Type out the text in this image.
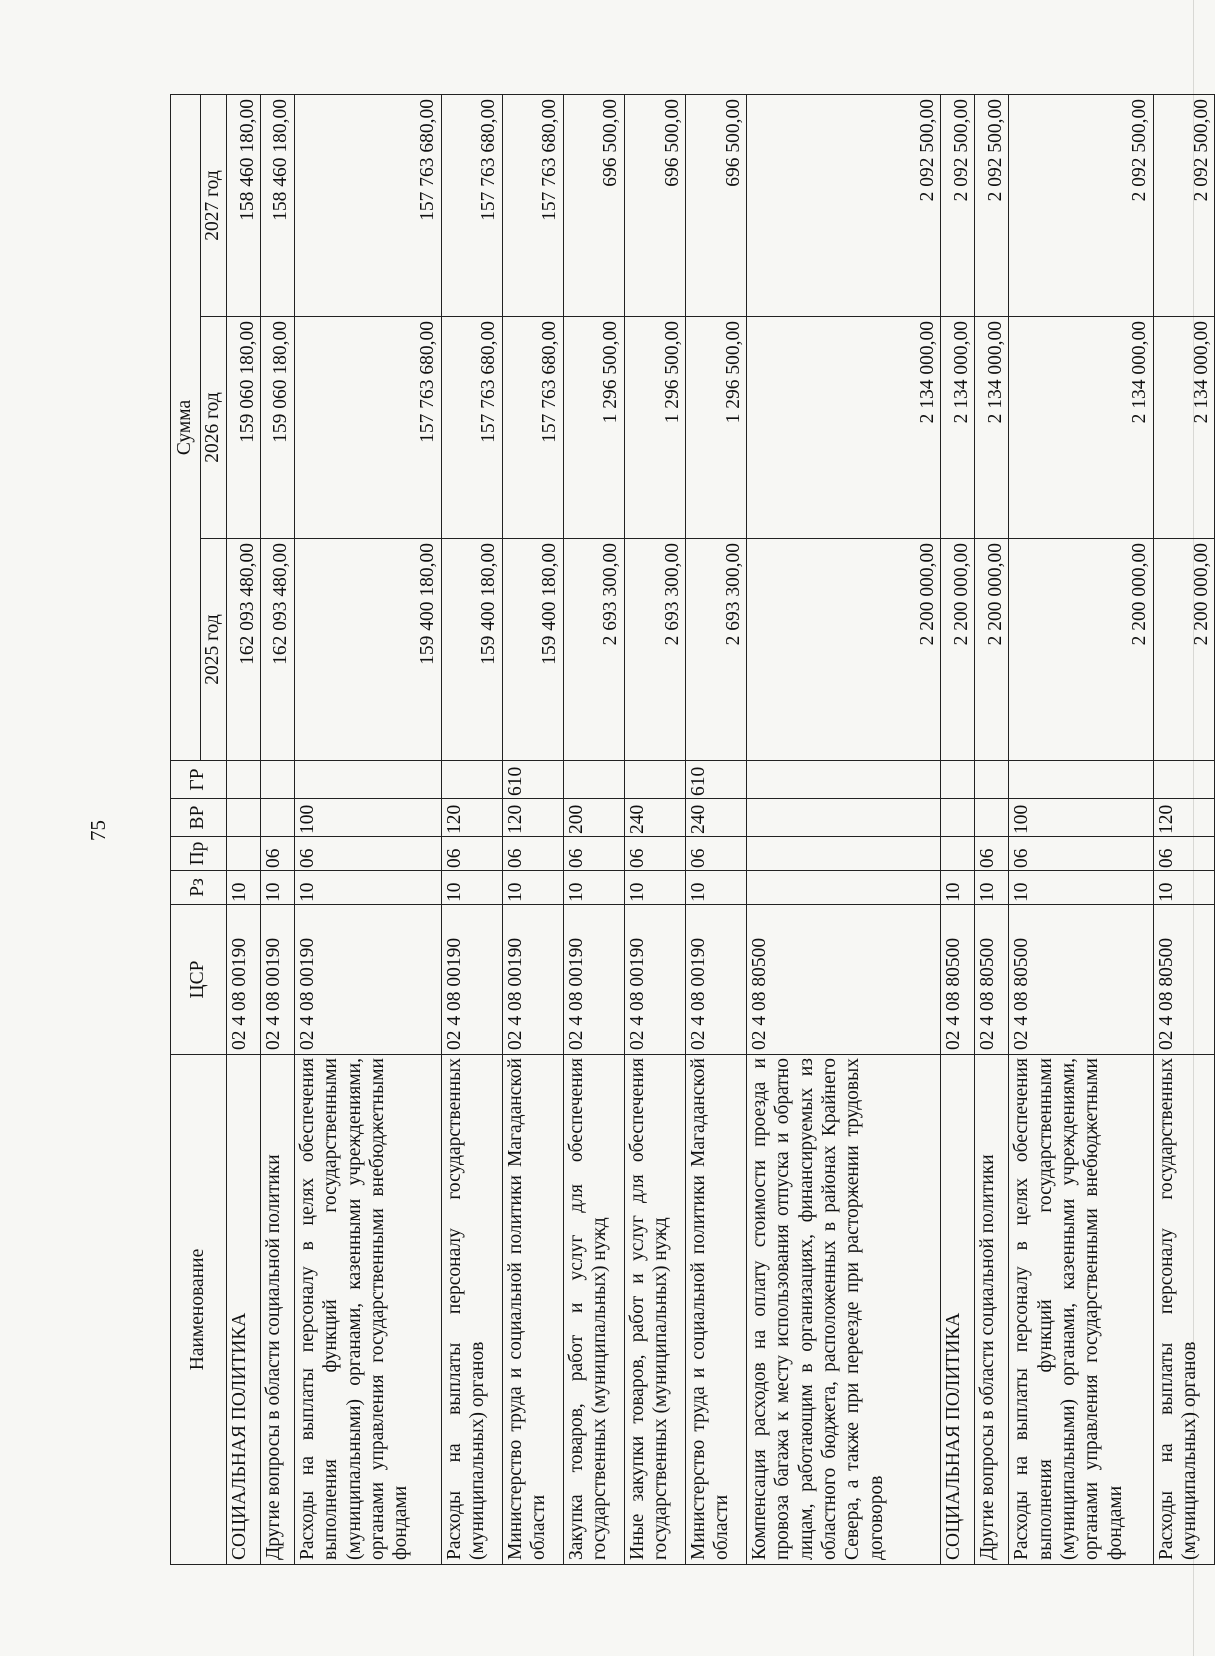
75
Наименование	ЦСР	Рз	Пр	ВР	ГР	Сумма		
						2025 год	2026 год	2027 год
СОЦИАЛЬНАЯ ПОЛИТИКА	02 4 08 00190	10				162 093 480,00	159 060 180,00	158 460 180,00
Другие вопросы в области социальной политики	02 4 08 00190	10	06			162 093 480,00	159 060 180,00	158 460 180,00
Расходы на выплаты персоналу в целях обеспечения выполнения функций государственными (муниципальными) органами, казенными учреждениями, органами управления государственными внебюджетными фондами	02 4 08 00190	10	06	100		159 400 180,00	157 763 680,00	157 763 680,00
Расходы на выплаты персоналу государственных (муниципальных) органов	02 4 08 00190	10	06	120		159 400 180,00	157 763 680,00	157 763 680,00
Министерство труда и социальной политики Магаданской области	02 4 08 00190	10	06	120	610	159 400 180,00	157 763 680,00	157 763 680,00
Закупка товаров, работ и услуг для обеспечения государственных (муниципальных) нужд	02 4 08 00190	10	06	200		2 693 300,00	1 296 500,00	696 500,00
Иные закупки товаров, работ и услуг для обеспечения государственных (муниципальных) нужд	02 4 08 00190	10	06	240		2 693 300,00	1 296 500,00	696 500,00
Министерство труда и социальной политики Магаданской области	02 4 08 00190	10	06	240	610	2 693 300,00	1 296 500,00	696 500,00
Компенсация расходов на оплату стоимости проезда и провоза багажа к месту использования отпуска и обратно лицам, работающим в организациях, финансируемых из областного бюджета, расположенных в районах Крайнего Севера, а также при переезде при расторжении трудовых договоров	02 4 08 80500					2 200 000,00	2 134 000,00	2 092 500,00
СОЦИАЛЬНАЯ ПОЛИТИКА	02 4 08 80500	10				2 200 000,00	2 134 000,00	2 092 500,00
Другие вопросы в области социальной политики	02 4 08 80500	10	06			2 200 000,00	2 134 000,00	2 092 500,00
Расходы на выплаты персоналу в целях обеспечения выполнения функций государственными (муниципальными) органами, казенными учреждениями, органами управления государственными внебюджетными фондами	02 4 08 80500	10	06	100		2 200 000,00	2 134 000,00	2 092 500,00
Расходы на выплаты персоналу государственных (муниципальных) органов	02 4 08 80500	10	06	120		2 200 000,00	2 134 000,00	2 092 500,00
